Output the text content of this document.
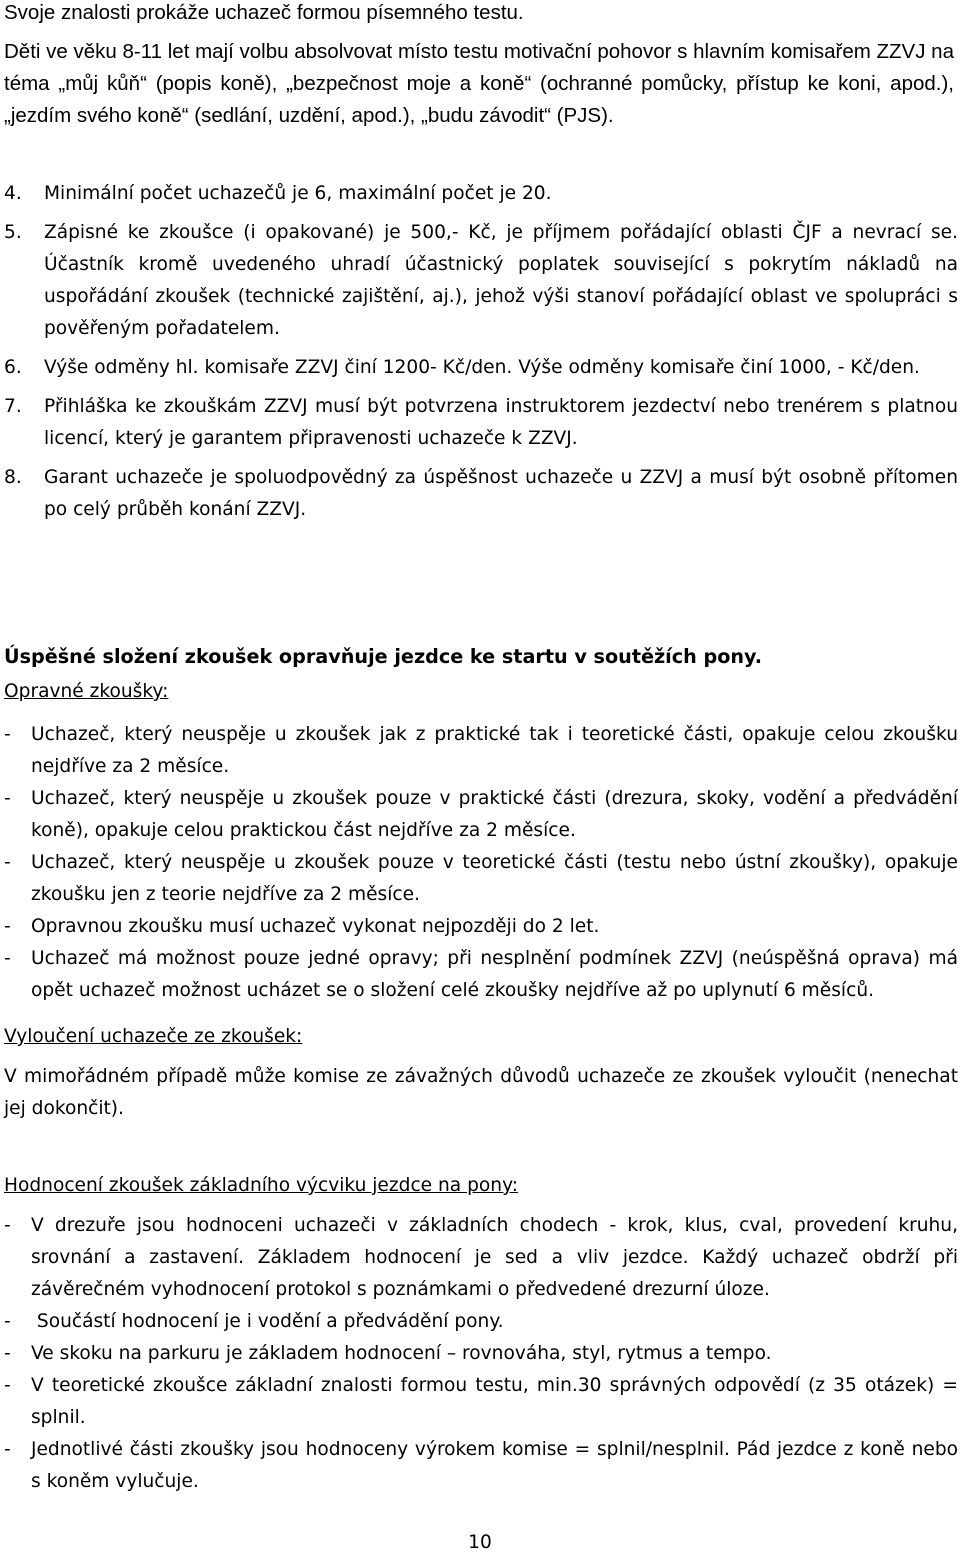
Svoje znalosti prokáže uchazeč formou písemného testu.

Děti ve věku 8-11 let mají volbu absolvovat místo testu motivační pohovor s hlavním komisařem ZZVJ na téma „můj kůň“ (popis koně), „bezpečnost moje a koně“ (ochranné pomůcky, přístup ke koni, apod.), „jezdím svého koně“ (sedlání, uzdění, apod.), „budu závodit“ (PJS).

4.	Minimální počet uchazečů je 6, maximální počet je 20.
5.	Zápisné ke zkoušce (i opakované) je 500,- Kč, je příjmem pořádající oblasti ČJF a nevrací se. Účastník kromě uvedeného uhradí účastnický poplatek související s pokrytím nákladů na uspořádání zkoušek (technické zajištění, aj.), jehož výši stanoví pořádající oblast ve spolupráci s pověřeným pořadatelem.
6.	Výše odměny hl. komisaře ZZVJ činí 1200- Kč/den. Výše odměny komisaře činí 1000, - Kč/den.
7.	Přihláška ke zkouškám ZZVJ musí být potvrzena instruktorem jezdectví nebo trenérem s platnou licencí, který je garantem připravenosti uchazeče k ZZVJ.
8.	Garant uchazeče je spoluodpovědný za úspěšnost uchazeče u ZZVJ a musí být osobně přítomen po celý průběh konání ZZVJ.

Úspěšné složení zkoušek opravňuje jezdce ke startu v soutěžích pony.

Opravné zkoušky:

-	Uchazeč, který neuspěje u zkoušek jak z praktické tak i teoretické části, opakuje celou zkoušku nejdříve za 2 měsíce.
-	Uchazeč, který neuspěje u zkoušek pouze v praktické části (drezura, skoky, vodění a předvádění koně), opakuje celou praktickou část nejdříve za 2 měsíce.
-	Uchazeč, který neuspěje u zkoušek pouze v teoretické části (testu nebo ústní zkoušky), opakuje zkoušku jen z teorie nejdříve za 2 měsíce.
-	Opravnou zkoušku musí uchazeč vykonat nejpozději do 2 let.
-	Uchazeč má možnost pouze jedné opravy; při nesplnění podmínek ZZVJ (neúspěšná oprava) má opět uchazeč možnost ucházet se o složení celé zkoušky nejdříve až po uplynutí 6 měsíců.

Vyloučení uchazeče ze zkoušek:

V mimořádném případě může komise ze závažných důvodů uchazeče ze zkoušek vyloučit (nenechat jej dokončit).

Hodnocení zkoušek základního výcviku jezdce na pony:

-	V drezuře jsou hodnoceni uchazeči v základních chodech - krok, klus, cval, provedení kruhu, srovnání a zastavení. Základem hodnocení je sed a vliv jezdce. Každý uchazeč obdrží při závěrečném vyhodnocení protokol s poznámkami o předvedené drezurní úloze.
-	Součástí hodnocení je i vodění a předvádění pony.
-	Ve skoku na parkuru je základem hodnocení – rovnováha, styl, rytmus a tempo.
-	V teoretické zkoušce základní znalosti formou testu, min.30 správných odpovědí (z 35 otázek) = splnil.
-	Jednotlivé části zkoušky jsou hodnoceny výrokem komise = splnil/nesplnil. Pád jezdce z koně nebo s koněm vylučuje.
10
